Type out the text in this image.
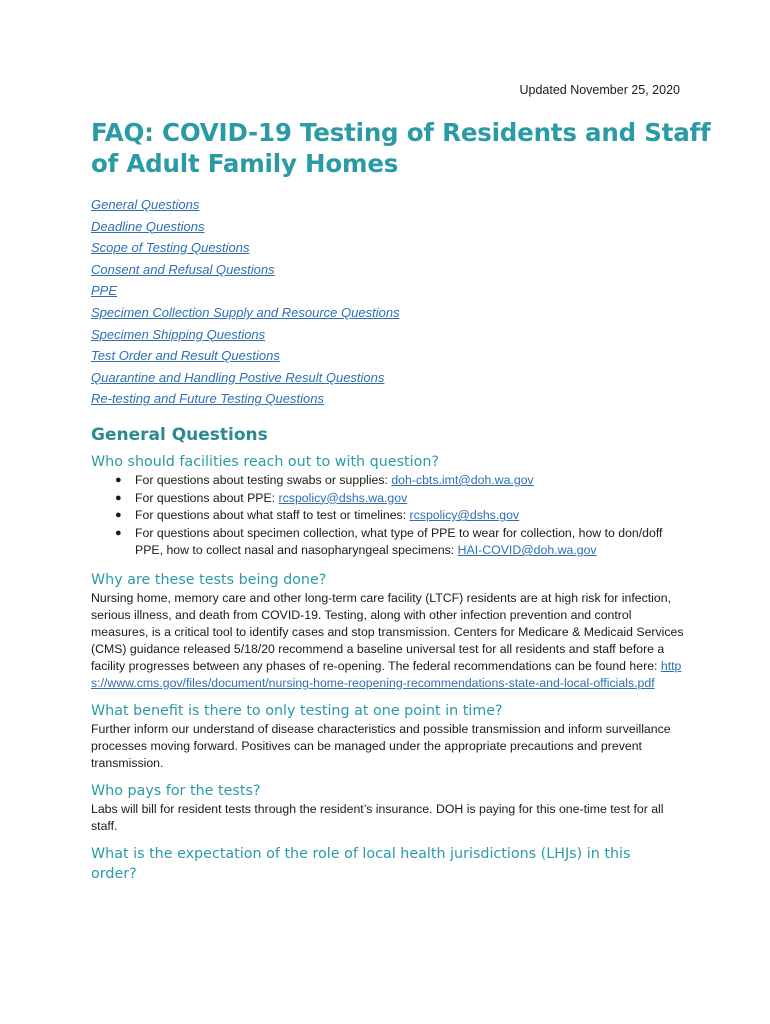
Updated November 25, 2020
FAQ: COVID-19 Testing of Residents and Staff of Adult Family Homes
General Questions
Deadline Questions
Scope of Testing Questions
Consent and Refusal Questions
PPE
Specimen Collection Supply and Resource Questions
Specimen Shipping Questions
Test Order and Result Questions
Quarantine and Handling Postive Result Questions
Re-testing and Future Testing Questions
General Questions
Who should facilities reach out to with question?
● For questions about testing swabs or supplies: doh-cbts.imt@doh.wa.gov
● For questions about PPE: rcspolicy@dshs.wa.gov
● For questions about what staff to test or timelines: rcspolicy@dshs.gov
● For questions about specimen collection, what type of PPE to wear for collection, how to don/doff PPE, how to collect nasal and nasopharyngeal specimens: HAI-COVID@doh.wa.gov
Why are these tests being done?

Nursing home, memory care and other long-term care facility (LTCF) residents are at high risk for infection, serious illness, and death from COVID-19. Testing, along with other infection prevention and control measures, is a critical tool to identify cases and stop transmission. Centers for Medicare & Medicaid Services (CMS) guidance released 5/18/20 recommend a baseline universal test for all residents and staff before a facility progresses between any phases of re-opening. The federal recommendations can be found here: https://www.cms.gov/files/document/nursing-home-reopening-recommendations-state-and-local-officials.pdf

What benefit is there to only testing at one point in time?

Further inform our understand of disease characteristics and possible transmission and inform surveillance processes moving forward. Positives can be managed under the appropriate precautions and prevent transmission.

Who pays for the tests?

Labs will bill for resident tests through the resident’s insurance. DOH is paying for this one-time test for all staff.

What is the expectation of the role of local health jurisdictions (LHJs) in this order?
